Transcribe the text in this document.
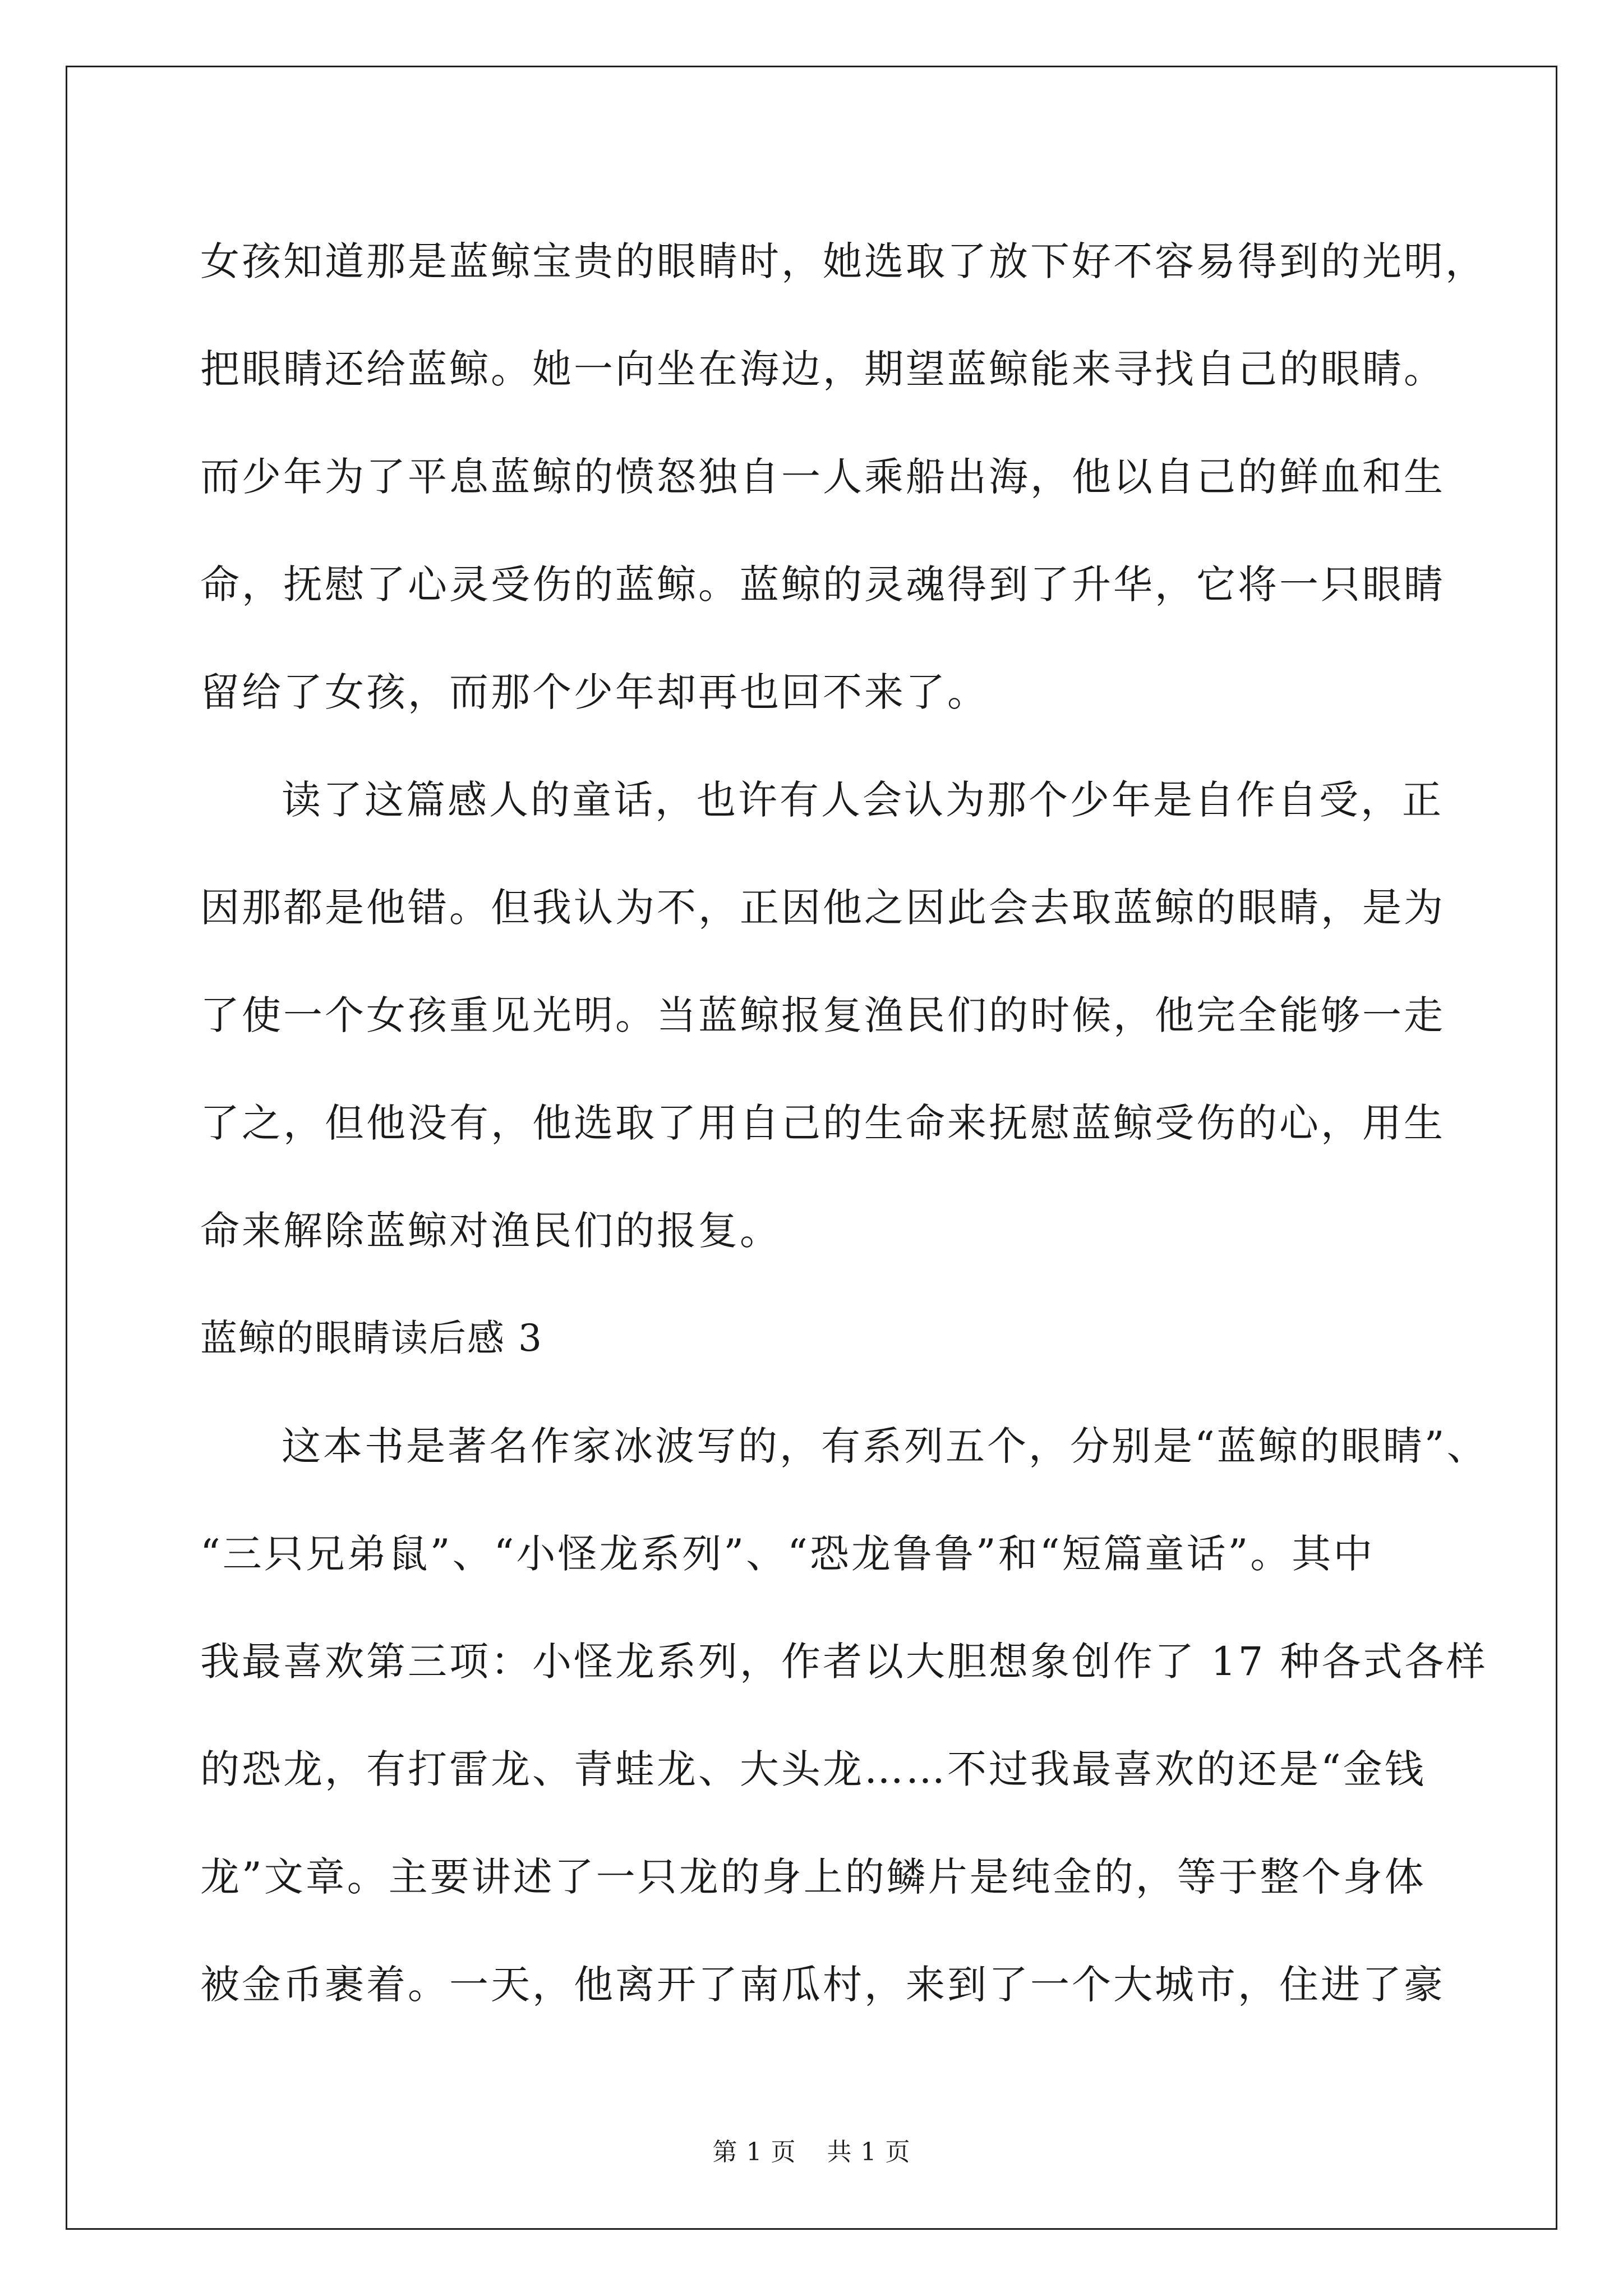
女孩知道那是蓝鲸宝贵的眼睛时，她选取了放下好不容易得到的光明，
把眼睛还给蓝鲸。她一向坐在海边，期望蓝鲸能来寻找自己的眼睛。
而少年为了平息蓝鲸的愤怒独自一人乘船出海，他以自己的鲜血和生
命，抚慰了心灵受伤的蓝鲸。蓝鲸的灵魂得到了升华，它将一只眼睛
留给了女孩，而那个少年却再也回不来了。
读了这篇感人的童话，也许有人会认为那个少年是自作自受，正
因那都是他错。但我认为不，正因他之因此会去取蓝鲸的眼睛，是为
了使一个女孩重见光明。当蓝鲸报复渔民们的时候，他完全能够一走
了之，但他没有，他选取了用自己的生命来抚慰蓝鲸受伤的心，用生
命来解除蓝鲸对渔民们的报复。
蓝鲸的眼睛读后感 3
这本书是著名作家冰波写的，有系列五个，分别是“蓝鲸的眼睛”、
“三只兄弟鼠”、“小怪龙系列”、“恐龙鲁鲁”和“短篇童话”。其中
我最喜欢第三项：小怪龙系列，作者以大胆想象创作了 17 种各式各样
的恐龙，有打雷龙、青蛙龙、大头龙……不过我最喜欢的还是“金钱
龙”文章。主要讲述了一只龙的身上的鳞片是纯金的，等于整个身体
被金币裹着。一天，他离开了南瓜村，来到了一个大城市，住进了豪
第 1 页 共 1 页
